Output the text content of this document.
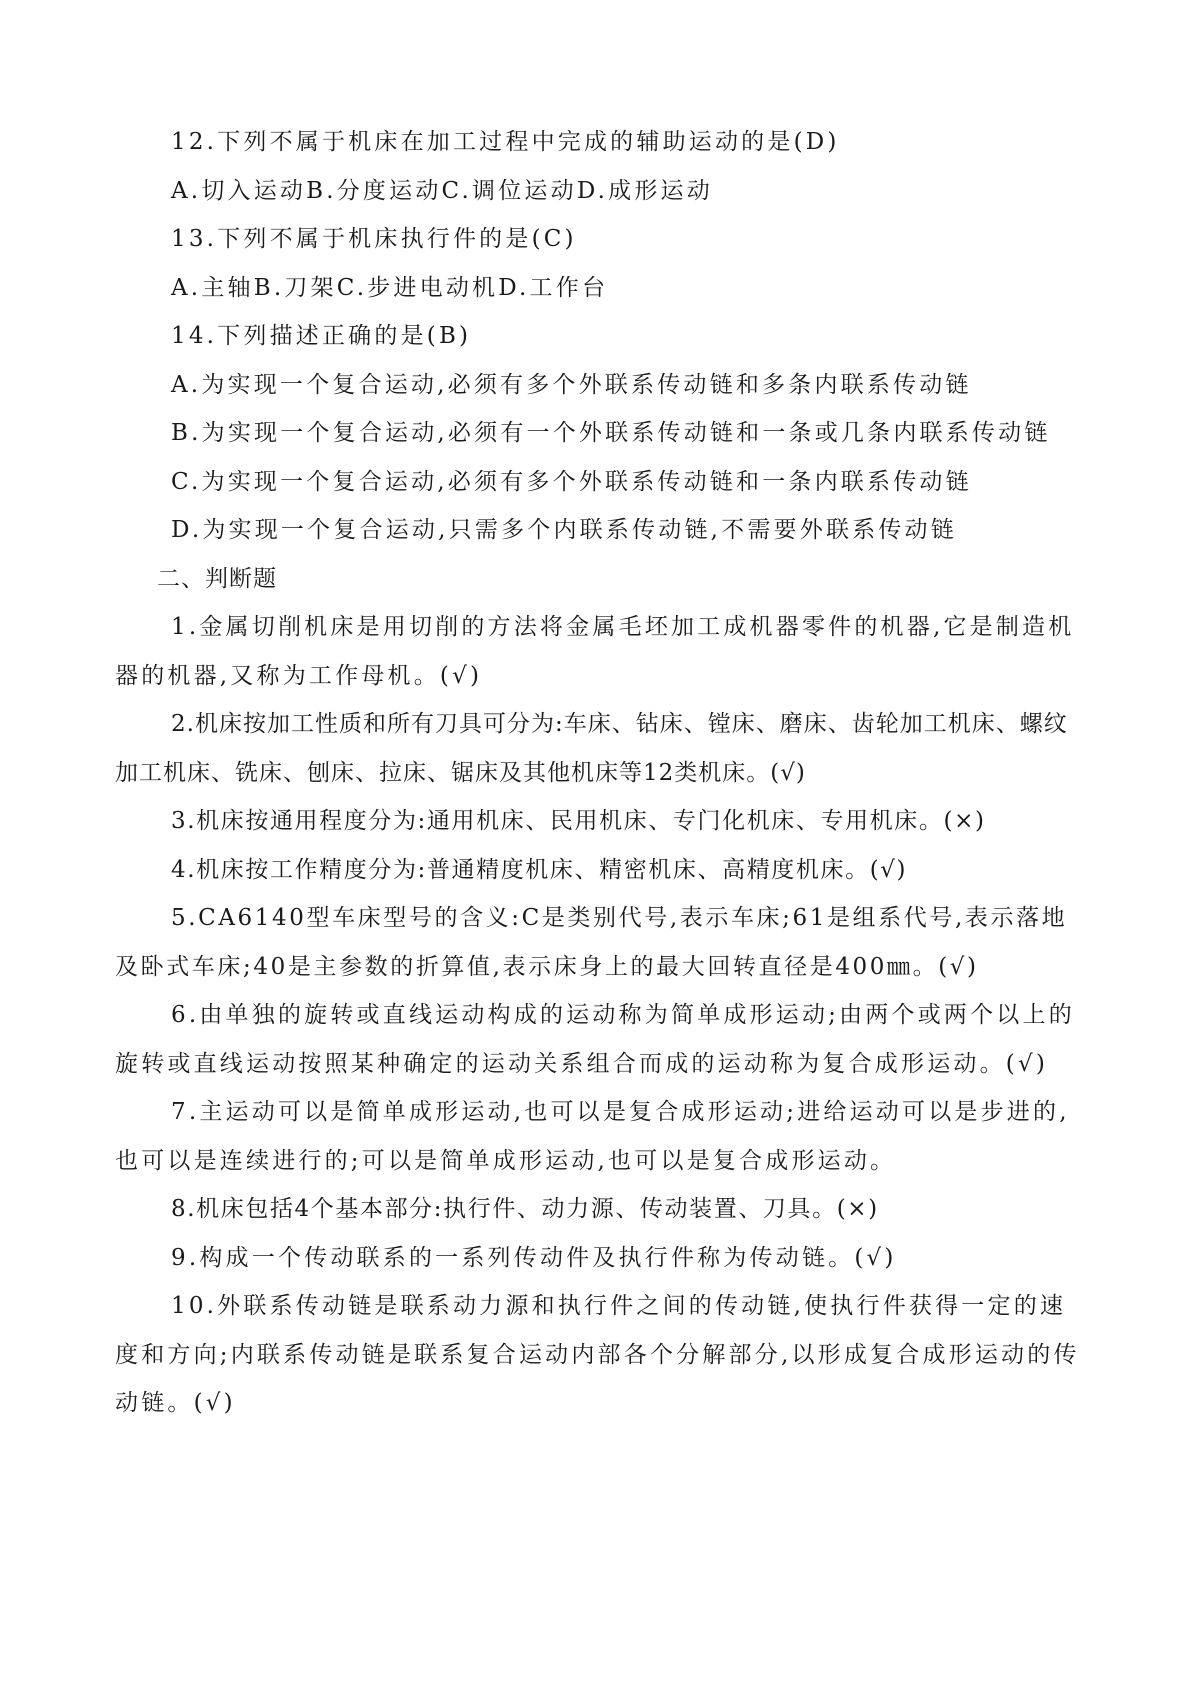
12.下列不属于机床在加工过程中完成的辅助运动的是(D)

A.切入运动B.分度运动C.调位运动D.成形运动

13.下列不属于机床执行件的是(C)

A.主轴B.刀架C.步进电动机D.工作台

14.下列描述正确的是(B)

A.为实现一个复合运动,必须有多个外联系传动链和多条内联系传动链

B.为实现一个复合运动,必须有一个外联系传动链和一条或几条内联系传动链

C.为实现一个复合运动,必须有多个外联系传动链和一条内联系传动链

D.为实现一个复合运动,只需多个内联系传动链,不需要外联系传动链

二、判断题

1.金属切削机床是用切削的方法将金属毛坯加工成机器零件的机器,它是制造机器的机器,又称为工作母机。(√)

2.机床按加工性质和所有刀具可分为:车床、钻床、镗床、磨床、齿轮加工机床、螺纹加工机床、铣床、刨床、拉床、锯床及其他机床等12类机床。(√)

3.机床按通用程度分为:通用机床、民用机床、专门化机床、专用机床。(×)

4.机床按工作精度分为:普通精度机床、精密机床、高精度机床。(√)

5.CA6140型车床型号的含义:C是类别代号,表示车床;61是组系代号,表示落地及卧式车床;40是主参数的折算值,表示床身上的最大回转直径是400㎜。(√)

6.由单独的旋转或直线运动构成的运动称为简单成形运动;由两个或两个以上的旋转或直线运动按照某种确定的运动关系组合而成的运动称为复合成形运动。(√)

7.主运动可以是简单成形运动,也可以是复合成形运动;进给运动可以是步进的,也可以是连续进行的;可以是简单成形运动,也可以是复合成形运动。

8.机床包括4个基本部分:执行件、动力源、传动装置、刀具。(×)

9.构成一个传动联系的一系列传动件及执行件称为传动链。(√)

10.外联系传动链是联系动力源和执行件之间的传动链,使执行件获得一定的速度和方向;内联系传动链是联系复合运动内部各个分解部分,以形成复合成形运动的传动链。(√)
